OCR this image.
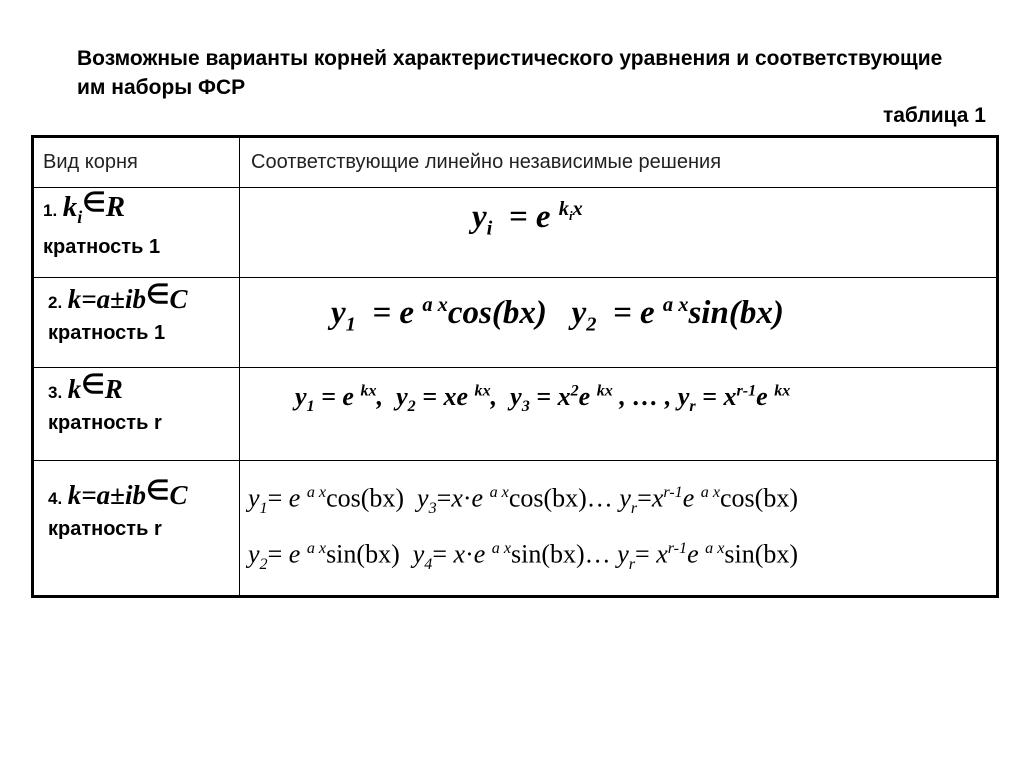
Возможные варианты корней характеристического уравнения и соответствующие им наборы ФСР
таблица 1
Вид корня	Соответствующие линейно независимые решения
1. $k_i\in R$
кратность 1
$y_i = e$ $^{k_ix}$
2. k=a±ib∈C
кратность 1
$y_1 = e$ $^{a x}$cos(bx)   $y_2 = e$ $^{a x}$sin(bx)
3. k∈R
кратность r
$y_1 = e$ $^{kx}$,  $y_2$ = xe $^{kx}$,  $y_3 = x^2e$ $^{kx}$ , … , $y_r = x^{r-1}e$ $^{kx}$
4. k=a±ib∈C
кратность r
$y_1= e$ $^{a x}$cos(bx)  $y_3=x\cdot e$ $^{a x}$cos(bx)… $y_r=x^{r-1}e$ $^{a x}$cos(bx)
$y_2= e$ $^{a x}$sin(bx)  $y_4= x\cdot e$ $^{a x}$sin(bx)… $y_r= x^{r-1}e$ $^{a x}$sin(bx)
